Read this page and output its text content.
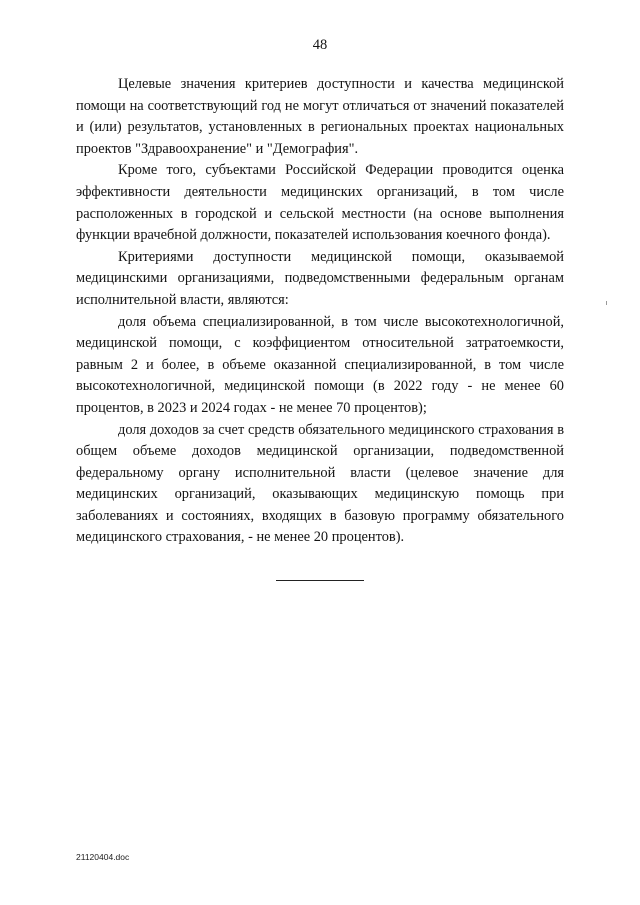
48

Целевые значения критериев доступности и качества медицинской помощи на соответствующий год не могут отличаться от значений показателей и (или) результатов, установленных в региональных проектах национальных проектов "Здравоохранение" и "Демография".

Кроме того, субъектами Российской Федерации проводится оценка эффективности деятельности медицинских организаций, в том числе расположенных в городской и сельской местности (на основе выполнения функции врачебной должности, показателей использования коечного фонда).

Критериями доступности медицинской помощи, оказываемой медицинскими организациями, подведомственными федеральным органам исполнительной власти, являются:

доля объема специализированной, в том числе высокотехнологичной, медицинской помощи, с коэффициентом относительной затратоемкости, равным 2 и более, в объеме оказанной специализированной, в том числе высокотехнологичной, медицинской помощи (в 2022 году - не менее 60 процентов, в 2023 и 2024 годах - не менее 70 процентов);

доля доходов за счет средств обязательного медицинского страхования в общем объеме доходов медицинской организации, подведомственной федеральному органу исполнительной власти (целевое значение для медицинских организаций, оказывающих медицинскую помощь при заболеваниях и состояниях, входящих в базовую программу обязательного медицинского страхования, - не менее 20 процентов).

21120404.doc
